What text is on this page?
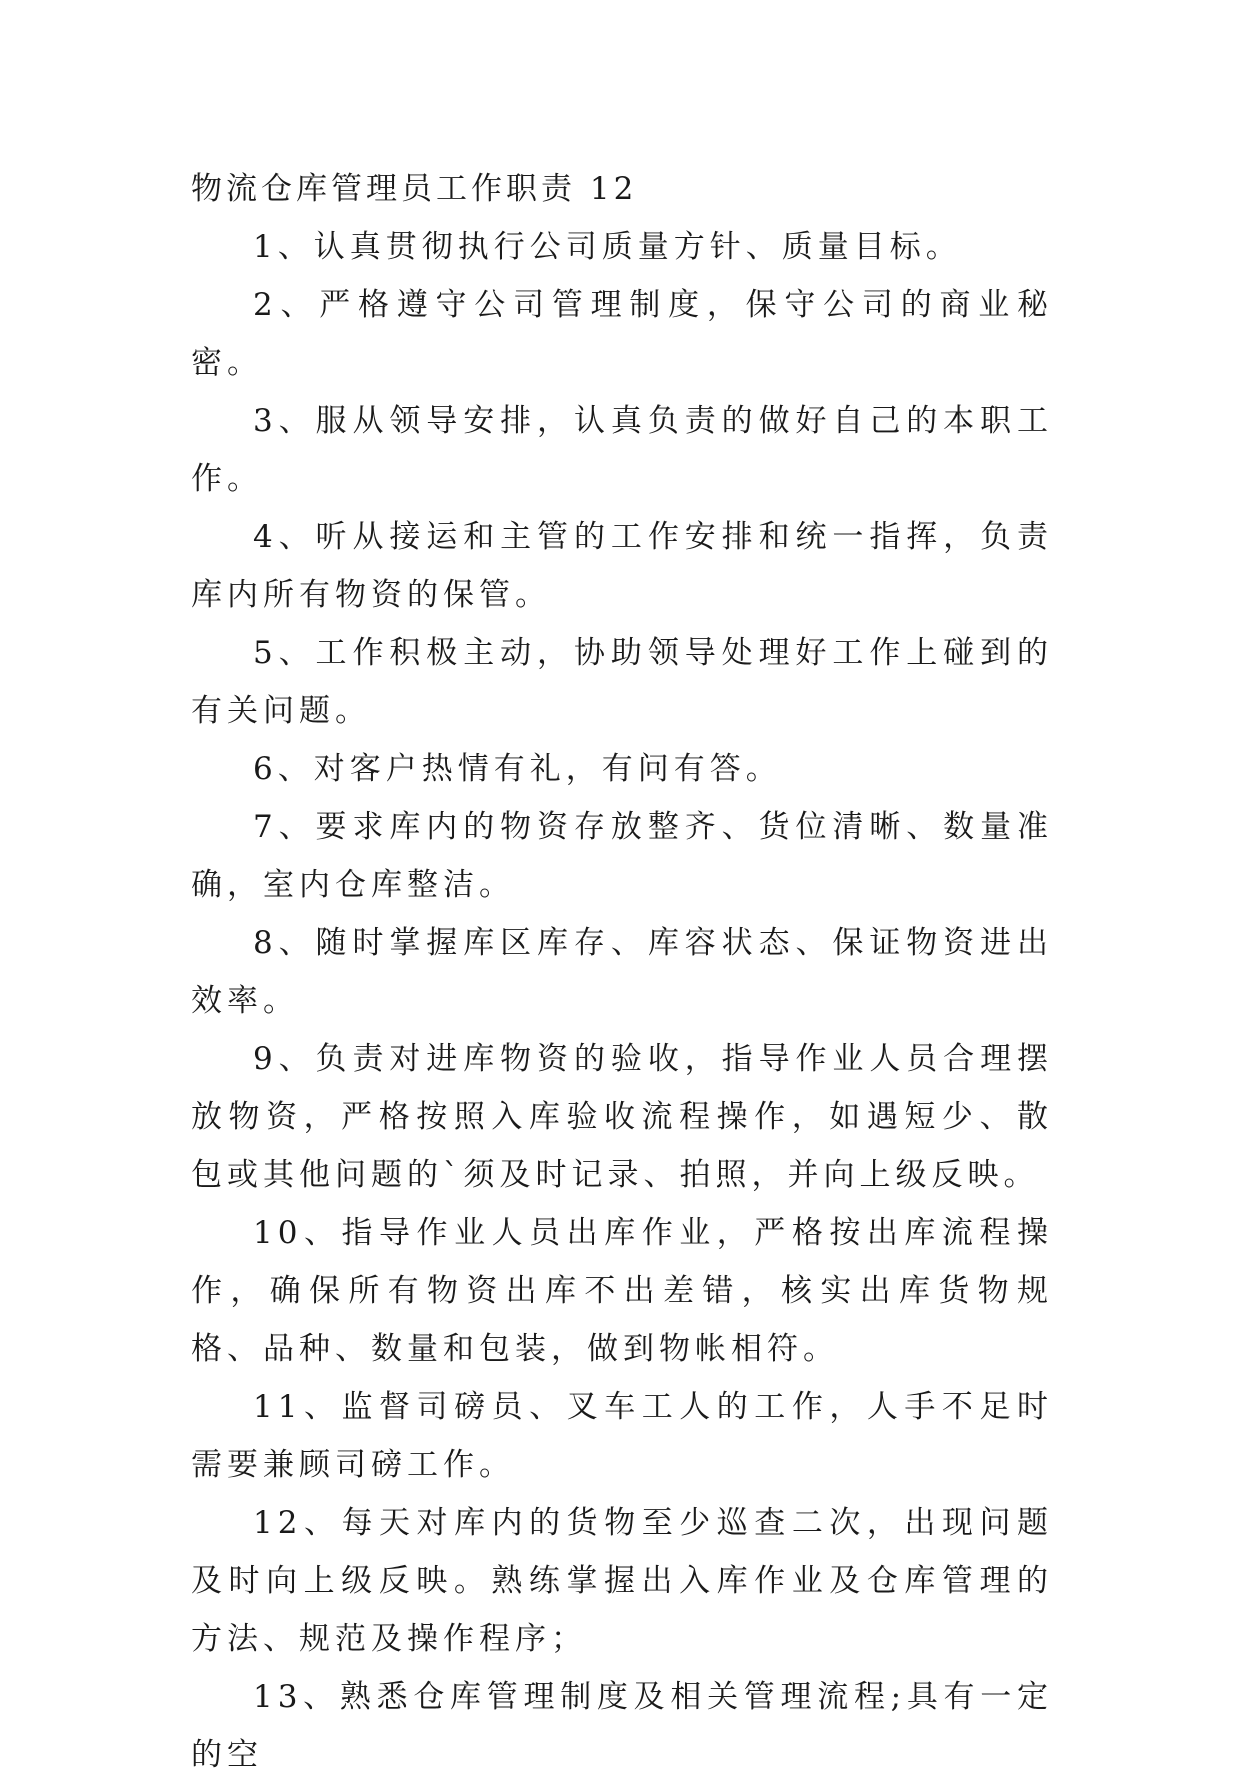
物流仓库管理员工作职责 12

1、认真贯彻执行公司质量方针、质量目标。

2、严格遵守公司管理制度，保守公司的商业秘密。

3、服从领导安排，认真负责的做好自己的本职工作。

4、听从接运和主管的工作安排和统一指挥，负责库内所有物资的保管。

5、工作积极主动，协助领导处理好工作上碰到的有关问题。

6、对客户热情有礼，有问有答。

7、要求库内的物资存放整齐、货位清晰、数量准确，室内仓库整洁。

8、随时掌握库区库存、库容状态、保证物资进出效率。

9、负责对进库物资的验收，指导作业人员合理摆放物资，严格按照入库验收流程操作，如遇短少、散包或其他问题的`须及时记录、拍照，并向上级反映。

10、指导作业人员出库作业，严格按出库流程操作，确保所有物资出库不出差错，核实出库货物规格、品种、数量和包装，做到物帐相符。

11、监督司磅员、叉车工人的工作，人手不足时需要兼顾司磅工作。

12、每天对库内的货物至少巡查二次，出现问题及时向上级反映。熟练掌握出入库作业及仓库管理的方法、规范及操作程序；

13、熟悉仓库管理制度及相关管理流程;具有一定的空
